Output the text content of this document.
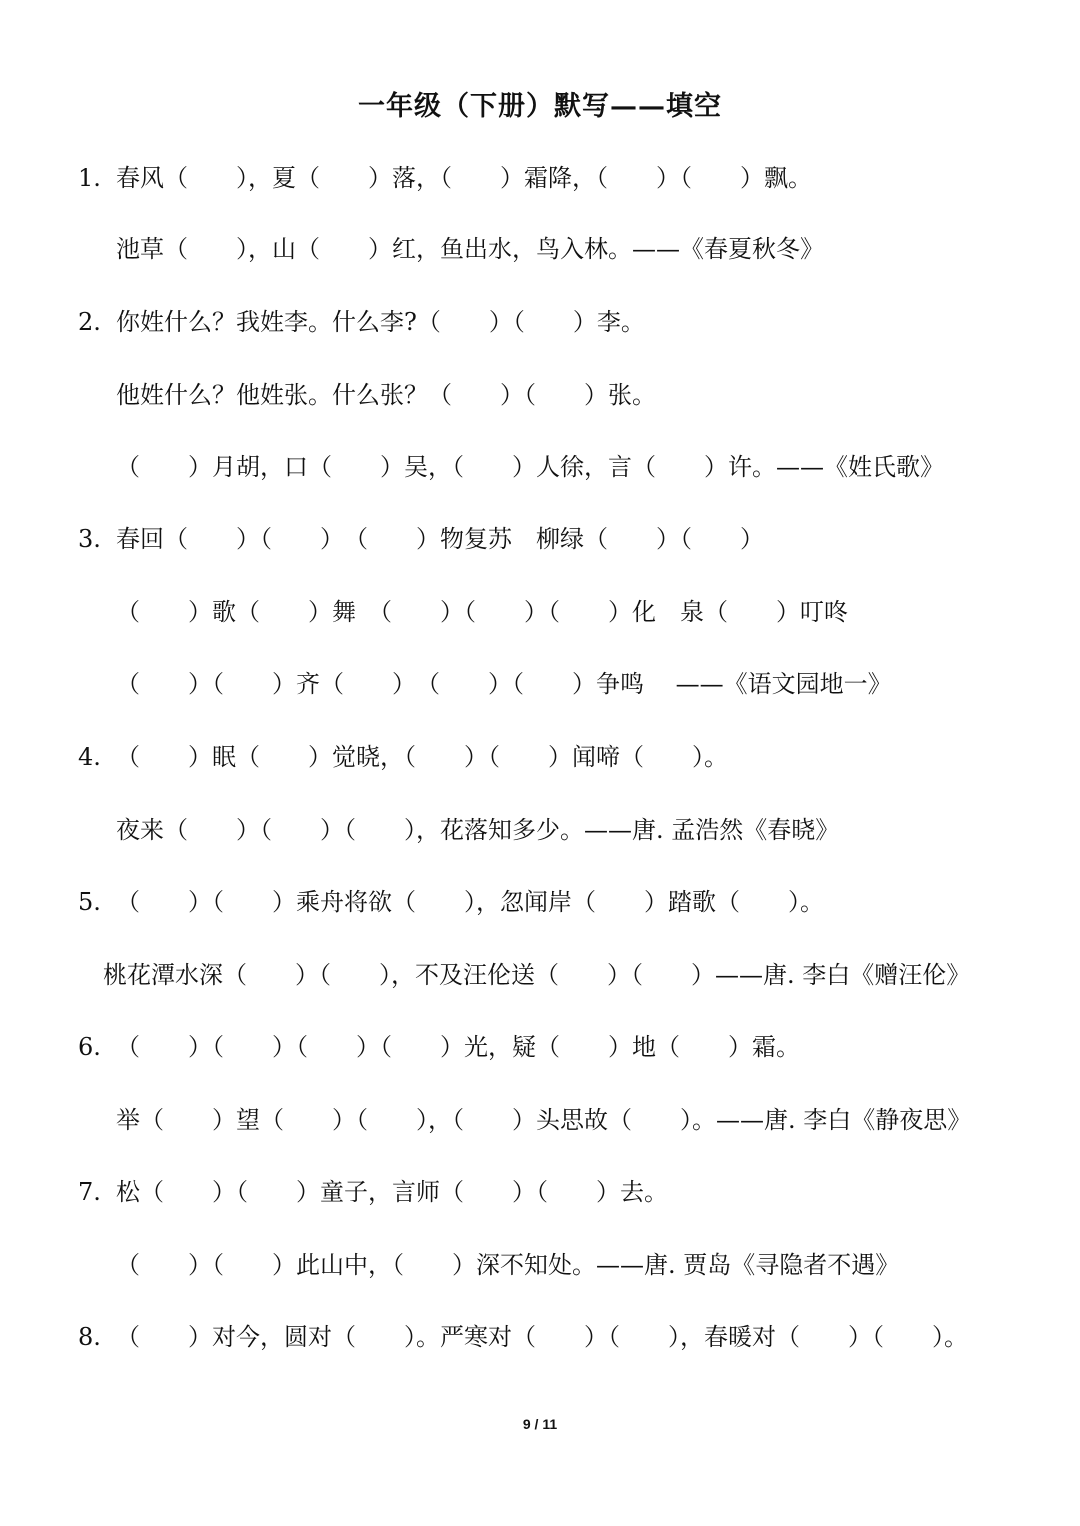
一年级（下册）默写——填空
1. 春风（　　），夏（　　）落，（　　）霜降，（　　）（　　）飘。
池草（　　），山（　　）红，鱼出水，鸟入林。——《春夏秋冬》
2. 你姓什么？我姓李。什么李?（　　）（　　）李。
他姓什么？他姓张。什么张？（　　）（　　）张。
（　　）月胡，口（　　）吴，（　　）人徐，言（　　）许。——《姓氏歌》
3. 春回（　　）（　　）　（　　）物复苏　柳绿（　　）（　　）
（　　）歌（　　）舞　（　　）（　　）（　　）化　泉（　　）叮咚
（　　）（　　）齐（　　）　（　　）（　　）争鸣　 ——《语文园地一》
4. （　　）眠（　　）觉晓，（　　）（　　）闻啼（　　）。
夜来（　　）（　　）（　　），花落知多少。——唐. 孟浩然《春晓》
5. （　　）（　　）乘舟将欲（　　），忽闻岸（　　）踏歌（　　）。
桃花潭水深（　　）（　　），不及汪伦送（　　）（　　）——唐. 李白《赠汪伦》
6. （　　）（　　）（　　）（　　）光，疑（　　）地（　　）霜。
举（　　）望（　　）（　　），（　　）头思故（　　）。——唐. 李白《静夜思》
7. 松（　　）（　　）童子，言师（　　）（　　）去。
（　　）（　　）此山中，（　　）深不知处。——唐. 贾岛《寻隐者不遇》
8. （　　）对今，圆对（　　）。严寒对（　　）（　　），春暖对（　　）（　　）。
9 / 11
